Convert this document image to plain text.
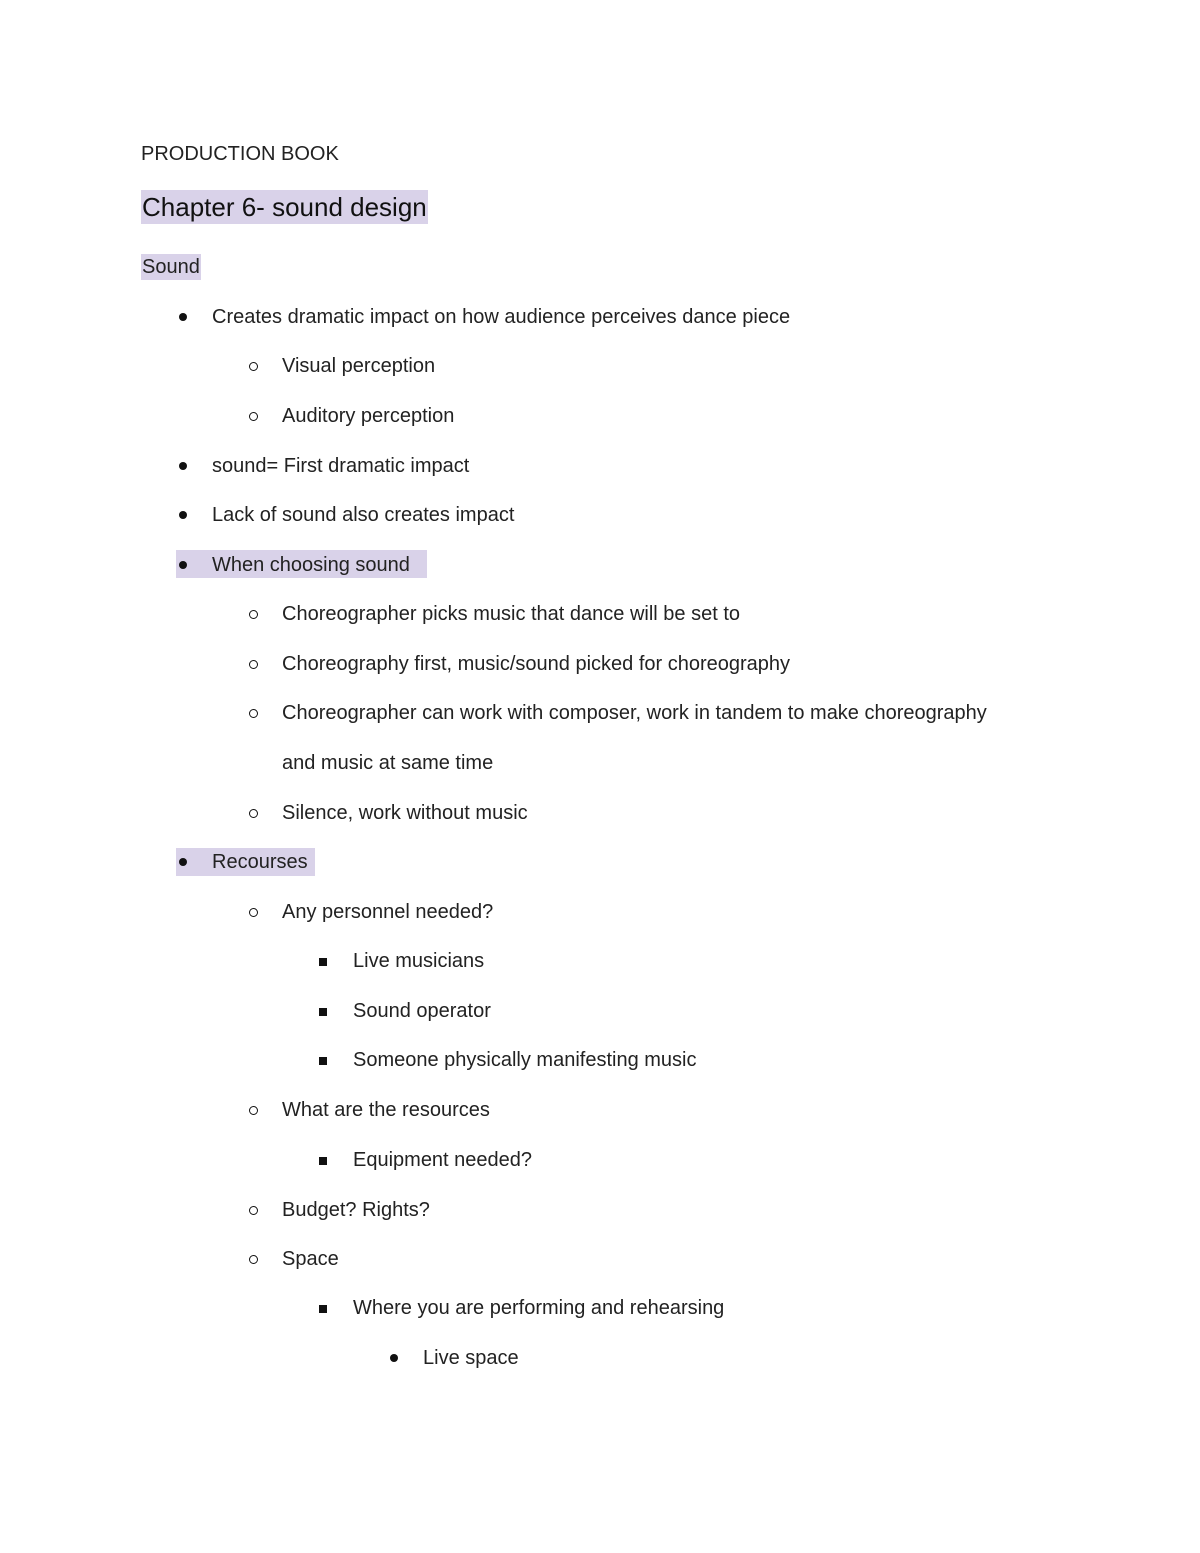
PRODUCTION BOOK
Chapter 6- sound design
Sound
Creates dramatic impact on how audience perceives dance piece
Visual perception
Auditory perception
sound= First dramatic impact
Lack of sound also creates impact
When choosing sound
Choreographer picks music that dance will be set to
Choreography first, music/sound picked for choreography
Choreographer can work with composer, work in tandem to make choreography
and music at same time
Silence, work without music
Recourses
Any personnel needed?
Live musicians
Sound operator
Someone physically manifesting music
What are the resources
Equipment needed?
Budget? Rights?
Space
Where you are performing and rehearsing
Live space
